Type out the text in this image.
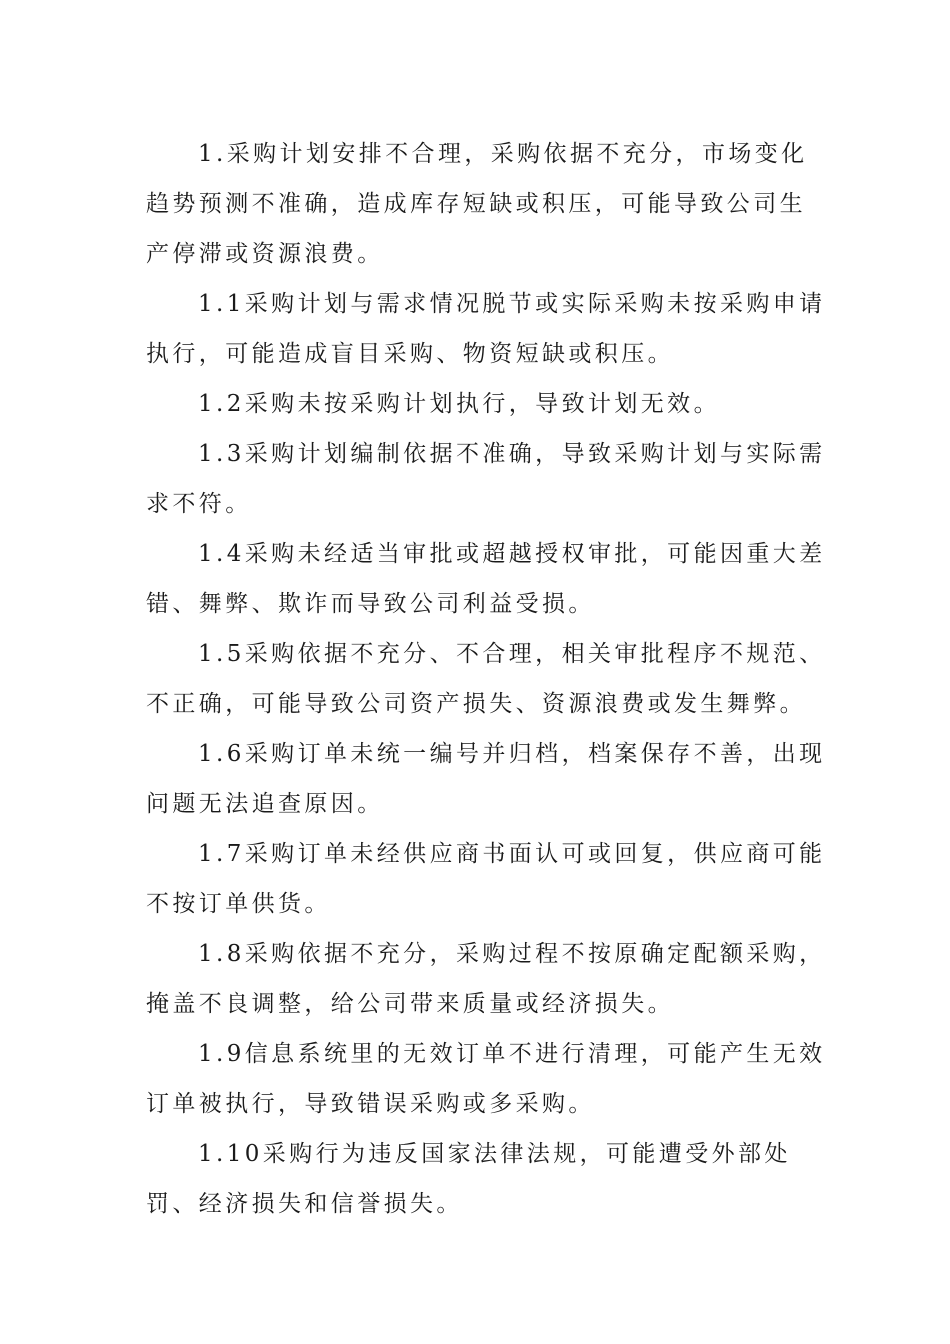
1.采购计划安排不合理，采购依据不充分，市场变化趋势预测不准确，造成库存短缺或积压，可能导致公司生产停滞或资源浪费。

1.1采购计划与需求情况脱节或实际采购未按采购申请执行，可能造成盲目采购、物资短缺或积压。

1.2采购未按采购计划执行，导致计划无效。

1.3采购计划编制依据不准确，导致采购计划与实际需求不符。

1.4采购未经适当审批或超越授权审批，可能因重大差错、舞弊、欺诈而导致公司利益受损。

1.5采购依据不充分、不合理，相关审批程序不规范、不正确，可能导致公司资产损失、资源浪费或发生舞弊。

1.6采购订单未统一编号并归档，档案保存不善，出现问题无法追查原因。

1.7采购订单未经供应商书面认可或回复，供应商可能不按订单供货。

1.8采购依据不充分，采购过程不按原确定配额采购，掩盖不良调整，给公司带来质量或经济损失。

1.9信息系统里的无效订单不进行清理，可能产生无效订单被执行，导致错误采购或多采购。

1.10采购行为违反国家法律法规，可能遭受外部处罚、经济损失和信誉损失。
